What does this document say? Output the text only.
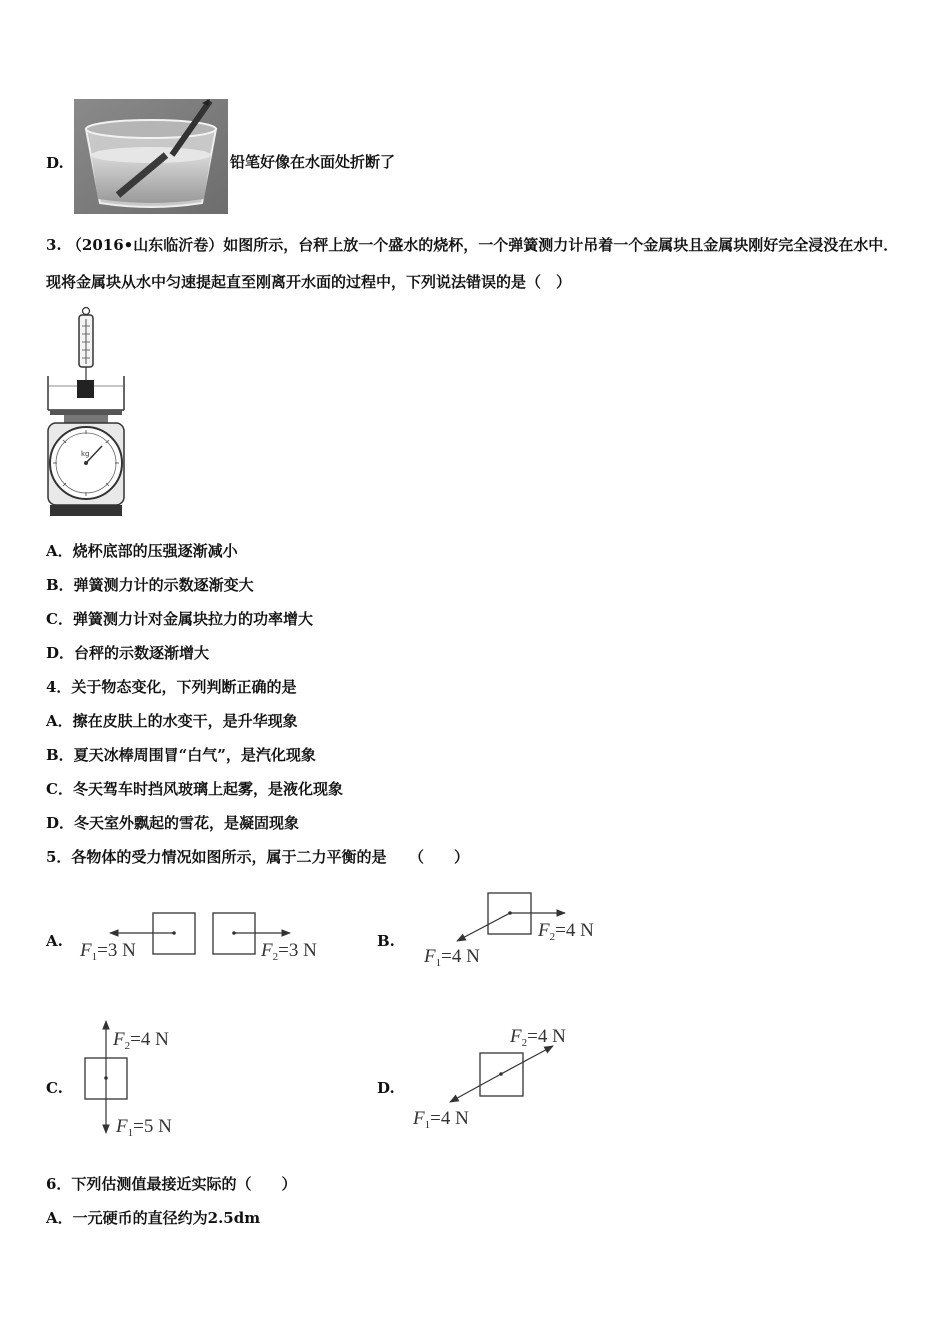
D.	铅笔好像在水面处折断了
3. （2016•山东临沂卷）如图所示，台秤上放一个盛水的烧杯，一个弹簧测力计吊着一个金属块且金属块刚好完全浸没在水中．现将金属块从水中匀速提起直至刚离开水面的过程中，下列说法错误的是（　）
kg
A．烧杯底部的压强逐渐减小
B．弹簧测力计的示数逐渐变大
C．弹簧测力计对金属块拉力的功率增大
D．台秤的示数逐渐增大
4．关于物态变化，下列判断正确的是
A．擦在皮肤上的水变干，是升华现象
B．夏天冰棒周围冒“白气”，是汽化现象
C．冬天驾车时挡风玻璃上起雾，是液化现象
D．冬天室外飘起的雪花，是凝固现象
5．各物体的受力情况如图所示，属于二力平衡的是　　（　　）
A. $F_1=3$ N	$F_2=3$ N	B.	$F_2=4$ N
$F_1=4$ N
C.
$F_2=4$ N
$F_1=5$ N
D.
$F_2=4$ N
$F_1=4$ N
6．下列估测值最接近实际的（　　）
A．一元硬币的直径约为2.5dm
